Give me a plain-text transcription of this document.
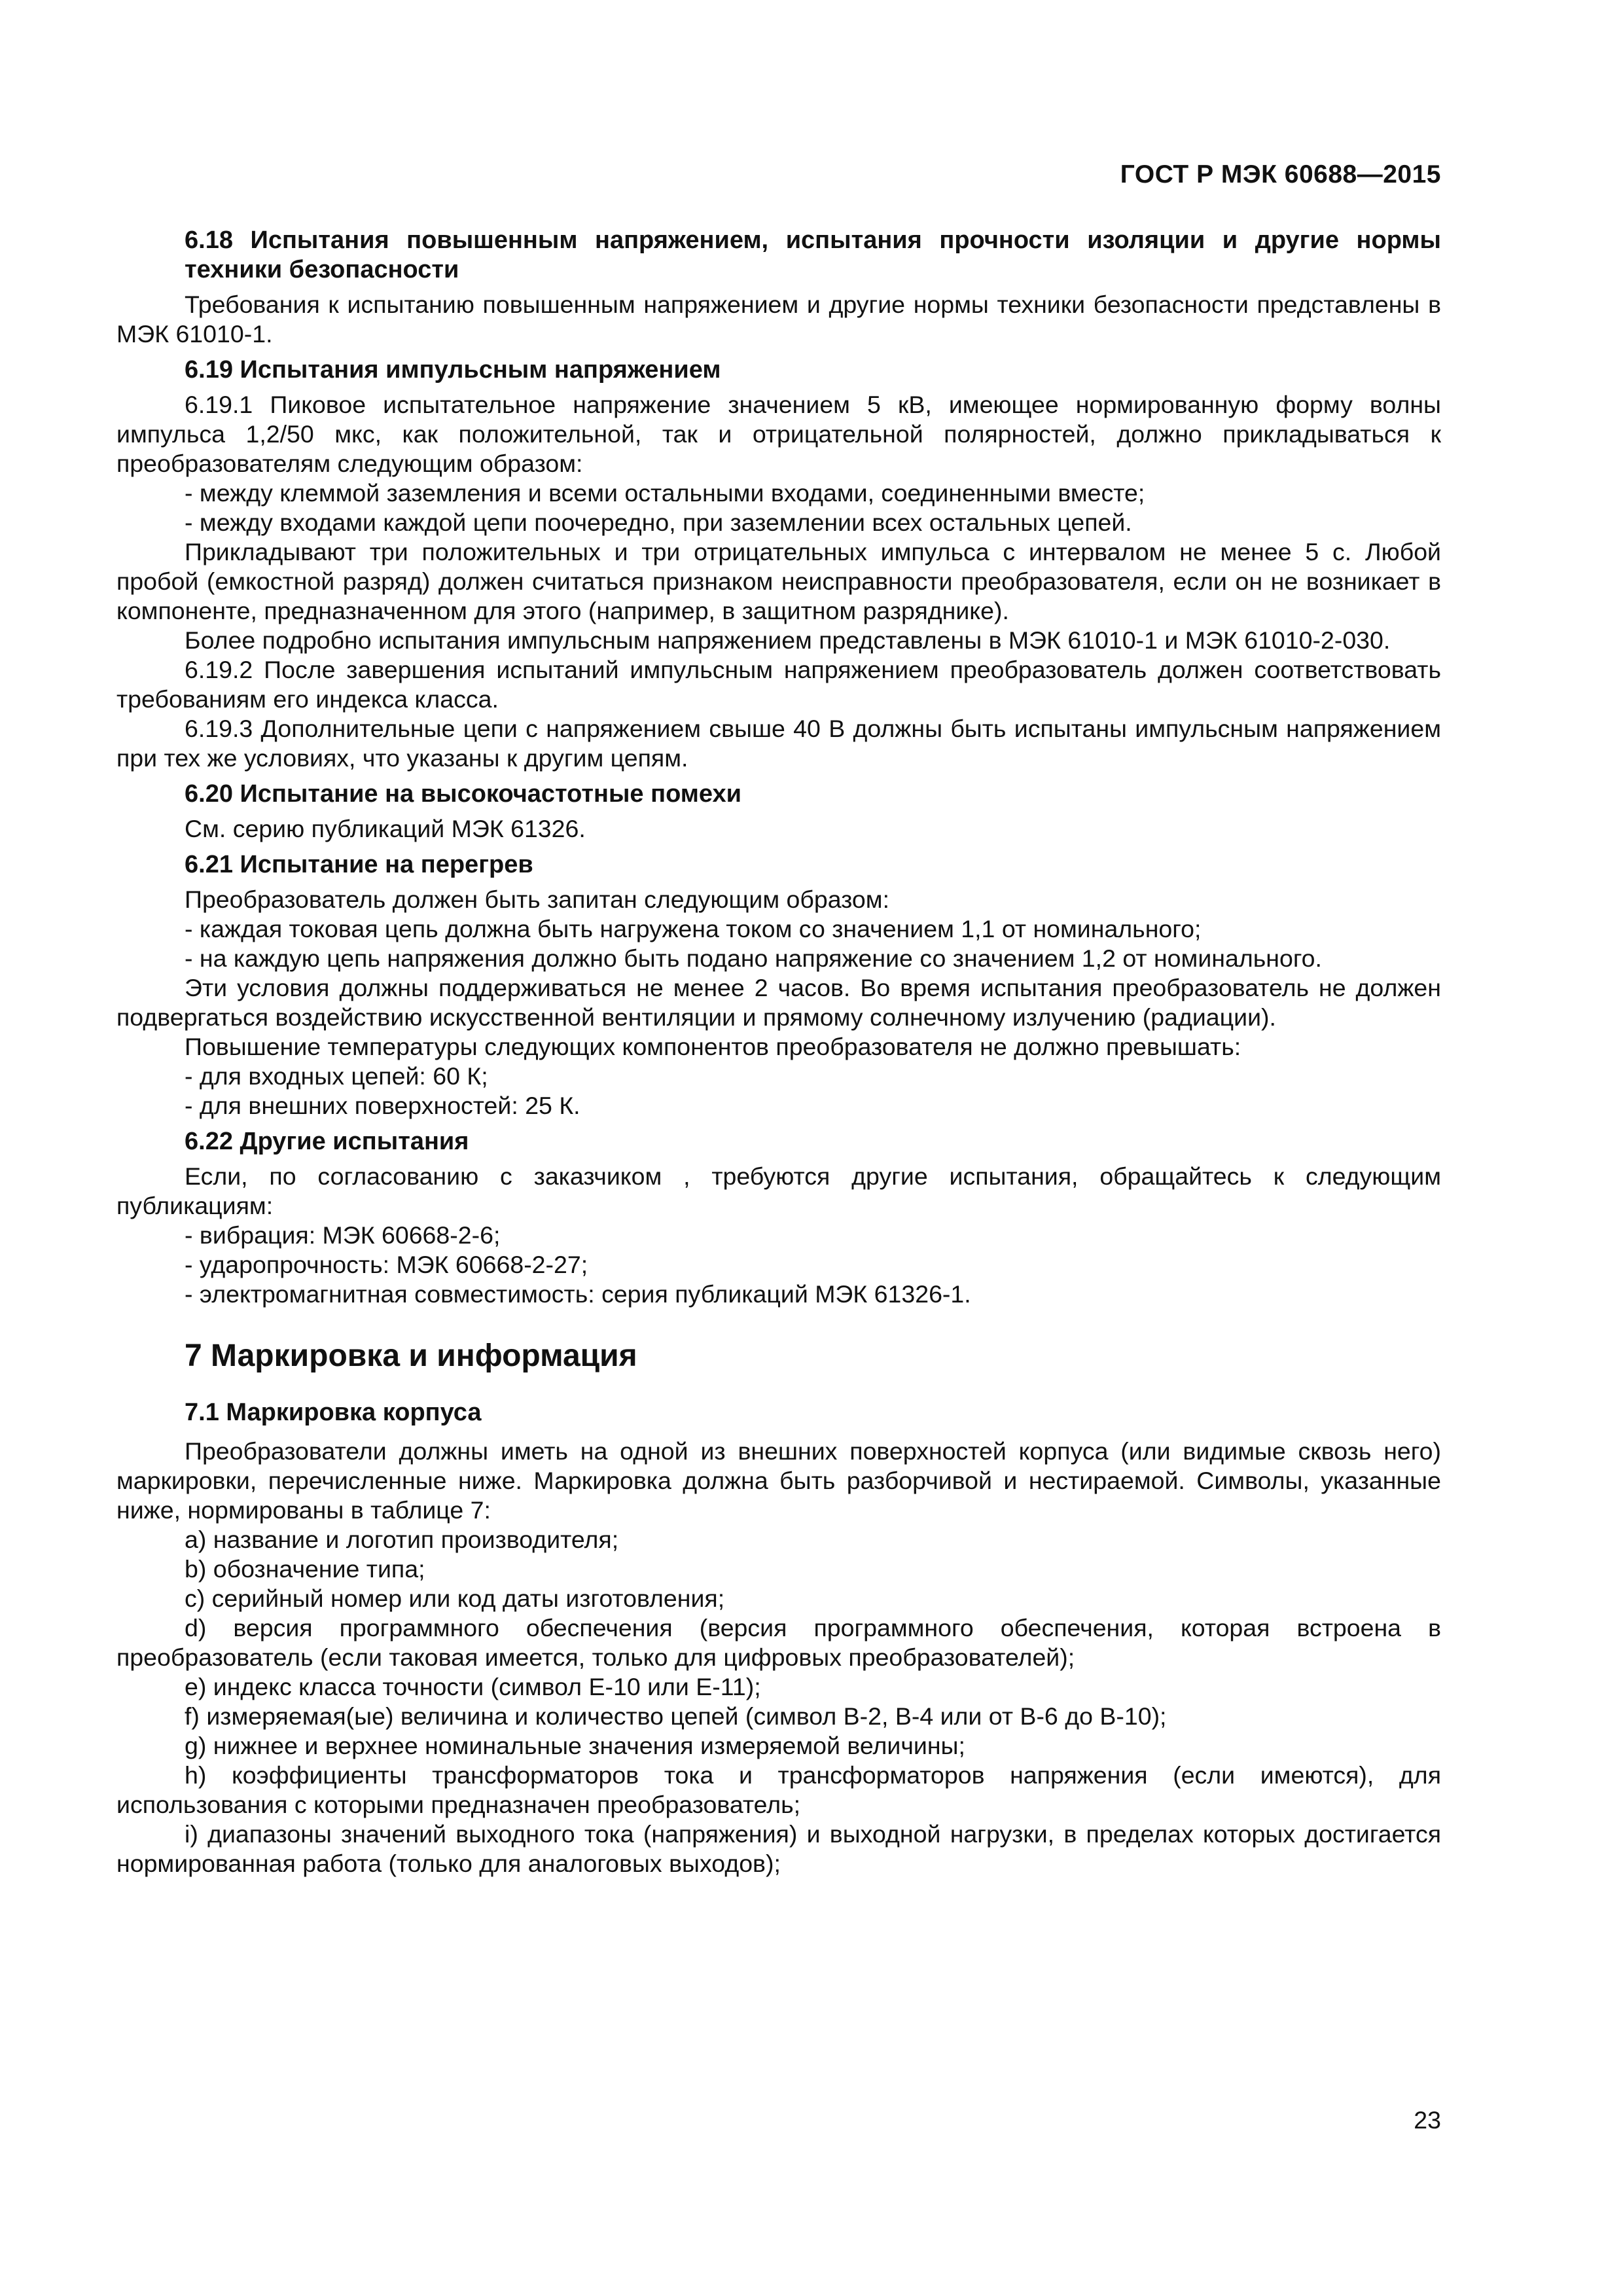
ГОСТ Р МЭК 60688—2015

6.18 Испытания повышенным напряжением, испытания прочности изоляции и другие нормы техники безопасности

Требования к испытанию повышенным напряжением и другие нормы техники безопасности представлены в МЭК 61010-1.

6.19 Испытания импульсным напряжением

6.19.1 Пиковое испытательное напряжение значением 5 кВ, имеющее нормированную форму волны импульса 1,2/50 мкс, как положительной, так и отрицательной полярностей, должно прикладываться к преобразователям следующим образом:

- между клеммой заземления и всеми остальными входами, соединенными вместе;

- между входами каждой цепи поочередно, при заземлении всех остальных цепей.

Прикладывают три положительных и три отрицательных импульса с интервалом не менее 5 с. Любой пробой (емкостной разряд) должен считаться признаком неисправности преобразователя, если он не возникает в компоненте, предназначенном для этого (например, в защитном разряднике).

Более подробно испытания импульсным напряжением представлены в МЭК 61010-1 и МЭК 61010-2-030.

6.19.2 После завершения испытаний импульсным напряжением преобразователь должен соответствовать требованиям его индекса класса.

6.19.3 Дополнительные цепи с напряжением свыше 40 В должны быть испытаны импульсным напряжением при тех же условиях, что указаны к другим цепям.

6.20 Испытание на высокочастотные помехи

См. серию публикаций МЭК 61326.

6.21 Испытание на перегрев

Преобразователь должен быть запитан следующим образом:

- каждая токовая цепь должна быть нагружена током со значением 1,1 от номинального;

- на каждую цепь напряжения должно быть подано напряжение со значением 1,2 от номинального.

Эти условия должны поддерживаться не менее 2 часов. Во время испытания преобразователь не должен подвергаться воздействию искусственной вентиляции и прямому солнечному излучению (радиации).

Повышение температуры следующих компонентов преобразователя не должно превышать:

- для входных цепей: 60 К;

- для внешних поверхностей: 25 К.

6.22 Другие испытания

Если, по согласованию с заказчиком , требуются другие испытания, обращайтесь к следующим публикациям:

- вибрация: МЭК 60668-2-6;

- ударопрочность: МЭК 60668-2-27;

- электромагнитная совместимость: серия публикаций МЭК 61326-1.

7 Маркировка и информация

7.1 Маркировка корпуса

Преобразователи должны иметь на одной из внешних поверхностей корпуса (или видимые сквозь него) маркировки, перечисленные ниже. Маркировка должна быть разборчивой и нестираемой. Символы, указанные ниже, нормированы в таблице 7:

a) название и логотип производителя;

b) обозначение типа;

c) серийный номер или код даты изготовления;

d) версия программного обеспечения (версия программного обеспечения, которая встроена в преобразователь (если таковая имеется, только для цифровых преобразователей);

e) индекс класса точности (символ Е-10 или Е-11);

f) измеряемая(ые) величина и количество цепей (символ В-2, В-4 или от В-6 до В-10);

g) нижнее и верхнее номинальные значения измеряемой величины;

h) коэффициенты трансформаторов тока и трансформаторов напряжения (если имеются), для использования с которыми предназначен преобразователь;

i) диапазоны значений выходного тока (напряжения) и выходной нагрузки, в пределах которых достигается нормированная работа (только для аналоговых выходов);

23
